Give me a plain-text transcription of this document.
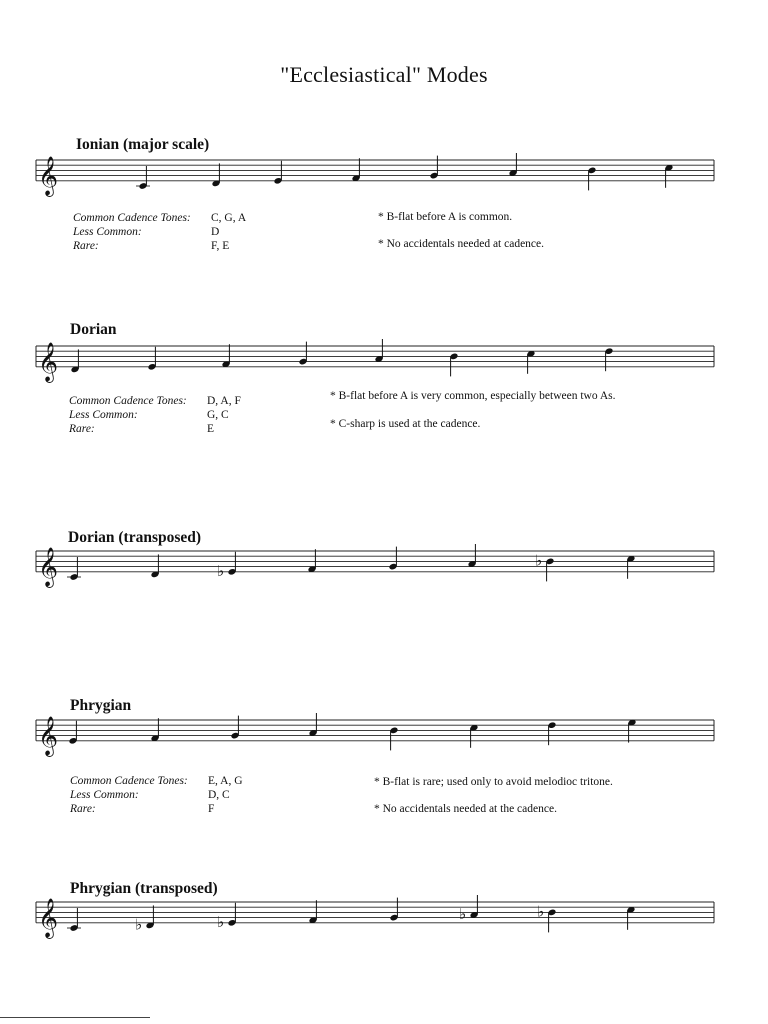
"Ecclesiastical" Modes
Ionian (major scale)
Dorian
Dorian (transposed)
Phrygian
Phrygian (transposed)
𝄞
𝄞
𝄞	♭
♭
𝄞
𝄞	♭	♭	♭	♭
Common Cadence Tones:	C, G, A
Less Common:	D
Rare:	F, E
* B-flat before A is common.
* No accidentals needed at cadence.
Common Cadence Tones:	D, A, F
Less Common:	G, C
Rare:	E
* B-flat before A is very common, especially between two As.
* C-sharp is used at the cadence.
Common Cadence Tones:	E, A, G
Less Common:	D, C
Rare:	F
* B-flat is rare; used only to avoid melodioc tritone.
* No accidentals needed at the cadence.
